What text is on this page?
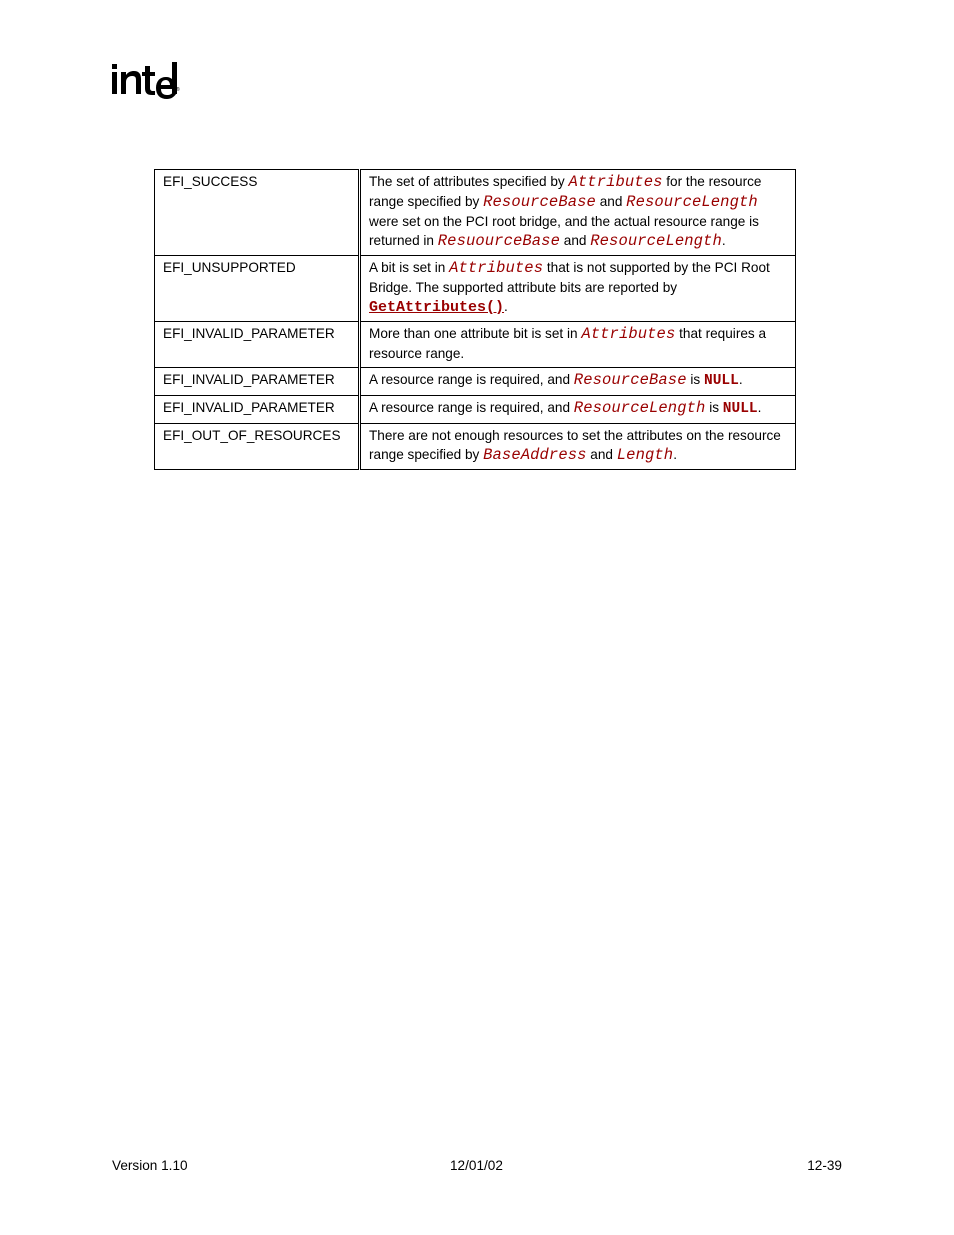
®
EFI_SUCCESS	The set of attributes specified by Attributes for the resource range specified by ResourceBase and ResourceLength were set on the PCI root bridge, and the actual resource range is returned in ResuourceBase and ResourceLength.
EFI_UNSUPPORTED	A bit is set in Attributes that is not supported by the PCI Root Bridge. The supported attribute bits are reported by GetAttributes().
EFI_INVALID_PARAMETER	More than one attribute bit is set in Attributes that requires a resource range.
EFI_INVALID_PARAMETER	A resource range is required, and ResourceBase is NULL.
EFI_INVALID_PARAMETER	A resource range is required, and ResourceLength is NULL.
EFI_OUT_OF_RESOURCES	There are not enough resources to set the attributes on the resource range specified by BaseAddress and Length.
Version 1.10	12/01/02	12-39
